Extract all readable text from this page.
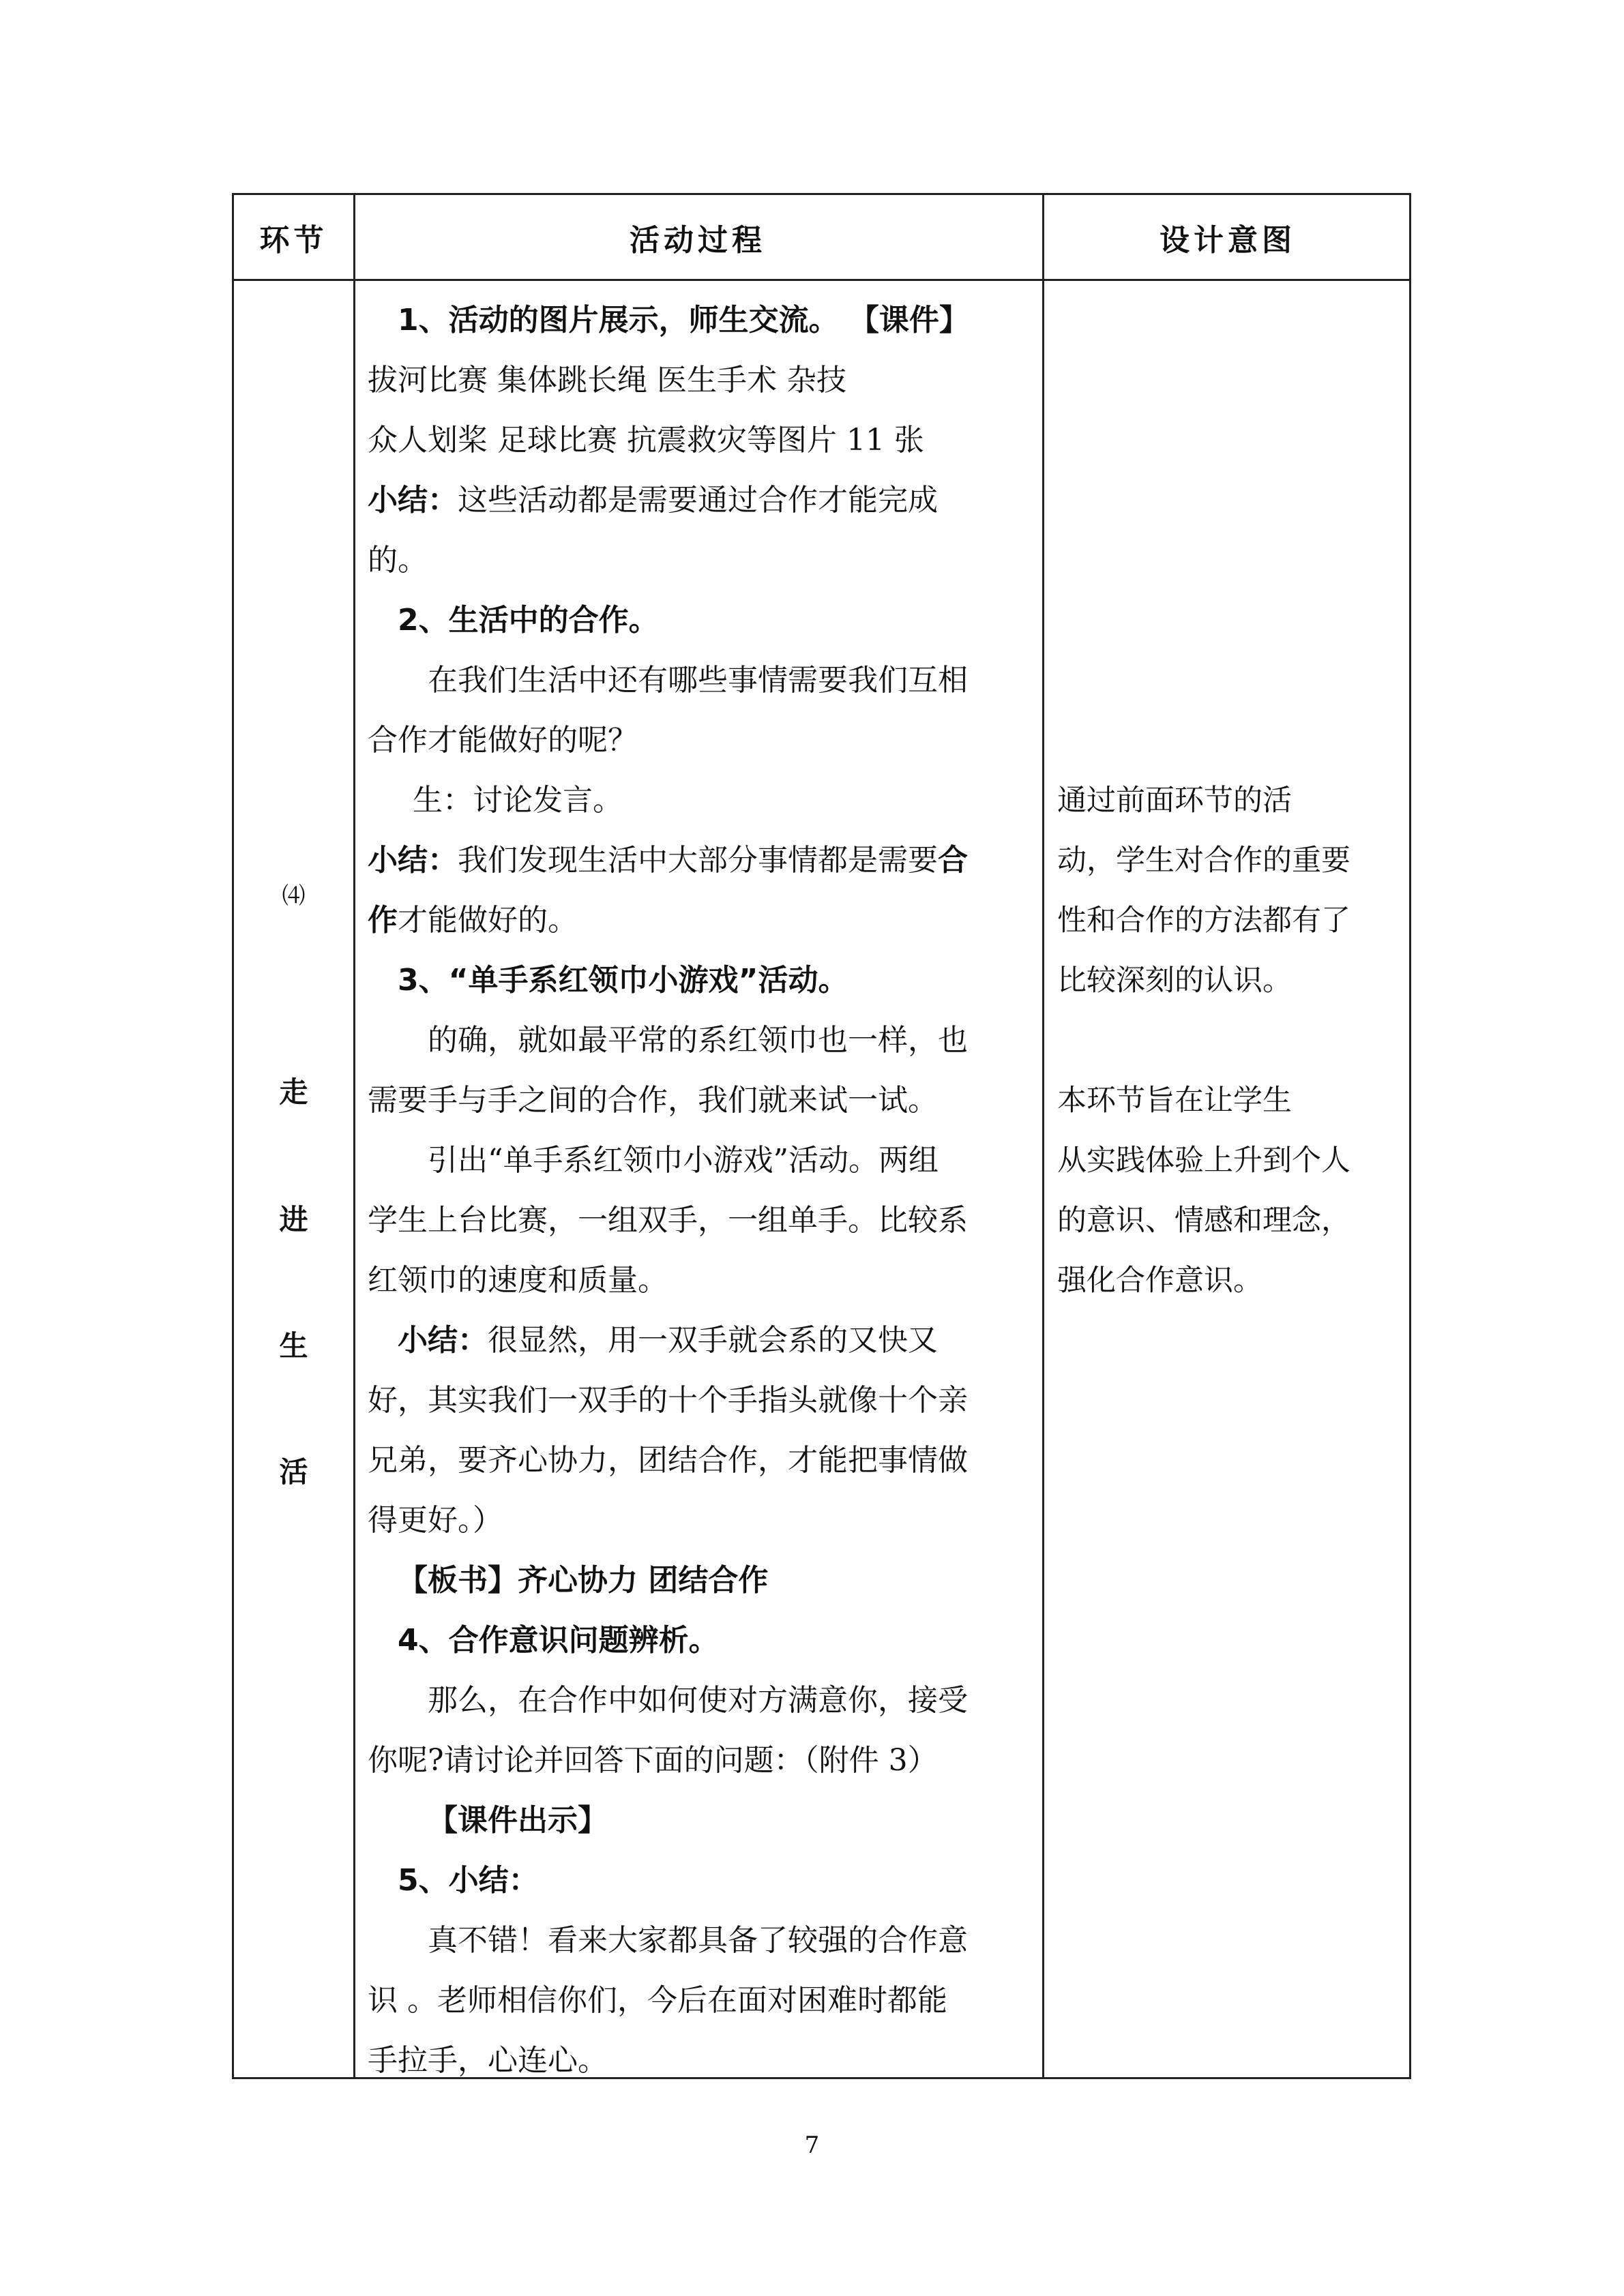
环节	活动过程	设计意图
⑷
走
进
生
活
1、活动的图片展示，师生交流。 【课件】
拔河比赛 集体跳长绳 医生手术 杂技
众人划桨 足球比赛 抗震救灾等图片 11 张
小结：这些活动都是需要通过合作才能完成
的。
2、生活中的合作。
在我们生活中还有哪些事情需要我们互相
合作才能做好的呢？
生：讨论发言。
小结：我们发现生活中大部分事情都是需要合
作才能做好的。
3、“单手系红领巾小游戏”活动。
的确，就如最平常的系红领巾也一样，也
需要手与手之间的合作，我们就来试一试。
引出“单手系红领巾小游戏”活动。两组
学生上台比赛，一组双手，一组单手。比较系
红领巾的速度和质量。
小结：很显然，用一双手就会系的又快又
好，其实我们一双手的十个手指头就像十个亲
兄弟，要齐心协力，团结合作，才能把事情做
得更好。）
【板书】齐心协力 团结合作
4、合作意识问题辨析。
那么，在合作中如何使对方满意你，接受
你呢?请讨论并回答下面的问题：（附件 3）
【课件出示】
5、小结：
真不错！看来大家都具备了较强的合作意
识 。老师相信你们，今后在面对困难时都能
手拉手，心连心。
通过前面环节的活
动，学生对合作的重要
性和合作的方法都有了
比较深刻的认识。
本环节旨在让学生
从实践体验上升到个人
的意识、情感和理念，
强化合作意识。
7
